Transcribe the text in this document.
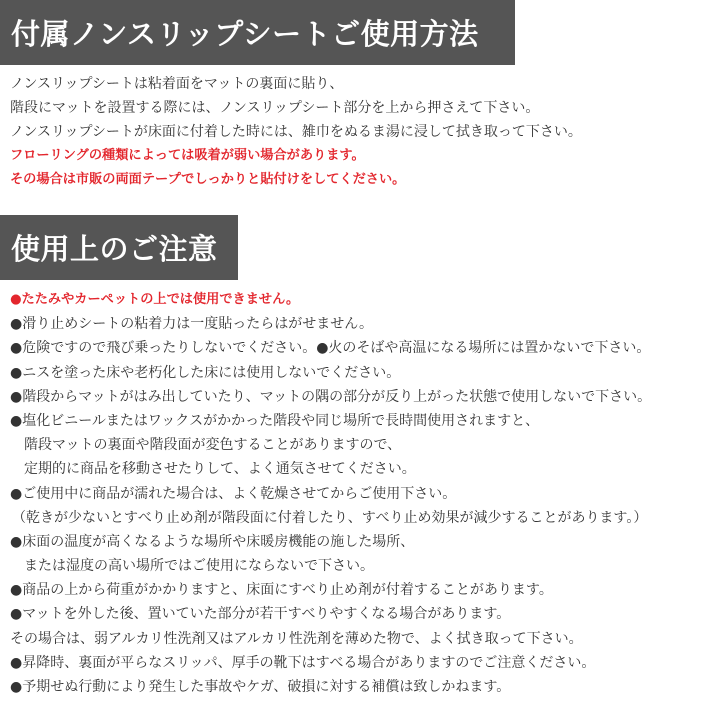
付属ノンスリップシートご使用方法
ノンスリップシートは粘着面をマットの裏面に貼り、
階段にマットを設置する際には、ノンスリップシート部分を上から押さえて下さい。
ノンスリップシートが床面に付着した時には、雑巾をぬるま湯に浸して拭き取って下さい。
フローリングの種類によっては吸着が弱い場合があります。
その場合は市販の両面テープでしっかりと貼付けをしてください。
使用上のご注意
●たたみやカーペットの上では使用できません。
●滑り止めシートの粘着力は一度貼ったらはがせません。
●危険ですので飛び乗ったりしないでください。●火のそばや高温になる場所には置かないで下さい。
●ニスを塗った床や老朽化した床には使用しないでください。
●階段からマットがはみ出していたり、マットの隅の部分が反り上がった状態で使用しないで下さい。
●塩化ビニールまたはワックスがかかった階段や同じ場所で長時間使用されますと、
階段マットの裏面や階段面が変色することがありますので、
定期的に商品を移動させたりして、よく通気させてください。
●ご使用中に商品が濡れた場合は、よく乾燥させてからご使用下さい。
（乾きが少ないとすべり止め剤が階段面に付着したり、すべり止め効果が減少することがあります。）
●床面の温度が高くなるような場所や床暖房機能の施した場所、
または湿度の高い場所ではご使用にならないで下さい。
●商品の上から荷重がかかりますと、床面にすべり止め剤が付着することがあります。
●マットを外した後、置いていた部分が若干すべりやすくなる場合があります。
その場合は、弱アルカリ性洗剤又はアルカリ性洗剤を薄めた物で、よく拭き取って下さい。
●昇降時、裏面が平らなスリッパ、厚手の靴下はすべる場合がありますのでご注意ください。
●予期せぬ行動により発生した事故やケガ、破損に対する補償は致しかねます。
